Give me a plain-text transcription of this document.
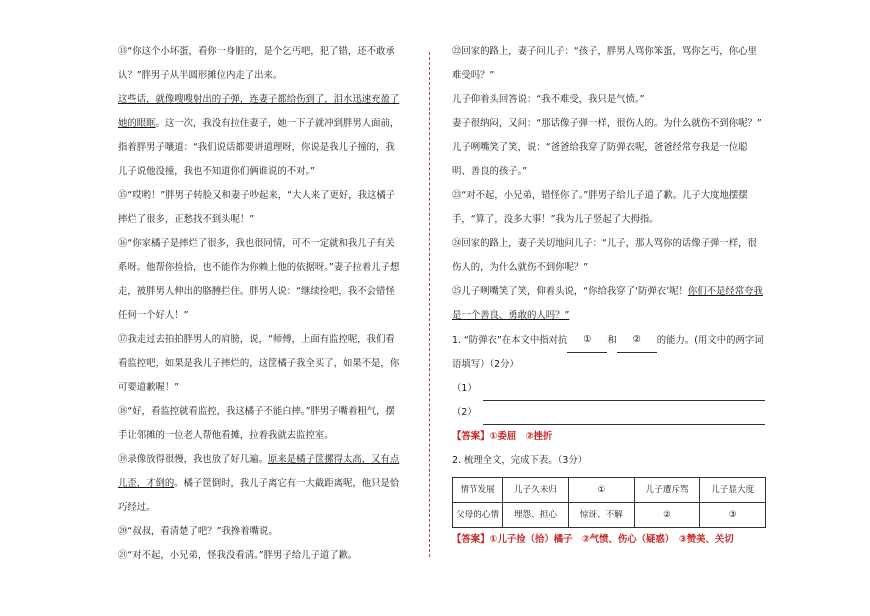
⑬“你这个小坏蛋，看你一身脏的，是个乞丐吧，犯了错，还不敢承认？”胖男子从半圆形摊位内走了出来。

这些话，就像嗖嗖射出的子弹，连妻子都给伤到了，泪水迅速充盈了她的眼眶。这一次，我没有拉住妻子，她一下子就冲到胖男人面前，指着胖男子嚷道：“我们说话都要讲道理呀，你说是我儿子撞的，我儿子说他没撞，我也不知道你们俩谁说的不对。”

⑮“哎哟！”胖男子转脸又和妻子吵起来，“大人来了更好，我这橘子摔烂了很多，正愁找不到头呢！”

⑯“你家橘子是摔烂了很多，我也很同情，可不一定就和我儿子有关系呀。他帮你捡拾，也不能作为你赖上他的依据呀。”妻子拉着儿子想走，被胖男人伸出的胳膊拦住。胖男人说：“继续捡吧，我不会错怪任何一个好人！”

⑰我走过去拍拍胖男人的肩膀，说，“师傅，上面有监控呢，我们看看监控吧，如果是我儿子摔烂的，这筐橘子我全买了，如果不是，你可要道歉喔！”

⑱“好，看监控就看监控，我这橘子不能白摔。”胖男子嘴着粗气，摆手让邻摊的一位老人帮他看摊，拉着我就去监控室。

⑲录像放得很慢，我也放了好几遍。原来是橘子筐摞得太高，又有点儿歪，才倒的。橘子筐倒时，我儿子离它有一大截距离呢，他只是恰巧经过。

⑳“叔叔，看清楚了吧？”我搀着嘴说。

㉑“对不起，小兄弟，怪我没看清。”胖男子给儿子道了歉。

㉒回家的路上，妻子问儿子：“孩子，胖男人骂你笨蛋，骂你乞丐，你心里难受吗？”

儿子仰着头回答说：“我不难受，我只是气愤。”

妻子很纳闷，又问：“那话像子弹一样，很伤人的。为什么就伤不到你呢？”

儿子咧嘴笑了笑，说：“爸爸给我穿了防弹衣呢，爸爸经常夸我是一位聪明、善良的孩子。”

㉓“对不起，小兄弟，错怪你了。”胖男子给儿子道了歉。儿子大度地摆摆手，“算了，没多大事！”我为儿子竖起了大拇指。

㉔回家的路上，妻子关切地问儿子：“儿子，那人骂你的话像子弹一样，很伤人的，为什么就伤不到你呢？”

㉕儿子咧嘴笑了笑，仰着头说，“你给我穿了‘防弹衣’呢！你们不是经常夸我是一个善良、勇敢的人吗？”

1. “防弹衣”在本文中指对抗 ① 和 ② 的能力。(用文中的两字词语填写）（2分）

（1）
（2）

【答案】①委屈　②挫折

2. 梳理全文，完成下表。（3分）

情节发展	儿子久未归	①	儿子遭斥骂	儿子显大度
父母的心情	埋怨、担心	惊讶、不解	②	③

【答案】①儿子捡（拾）橘子　②气愤、伤心（疑惑）　③赞美、关切
